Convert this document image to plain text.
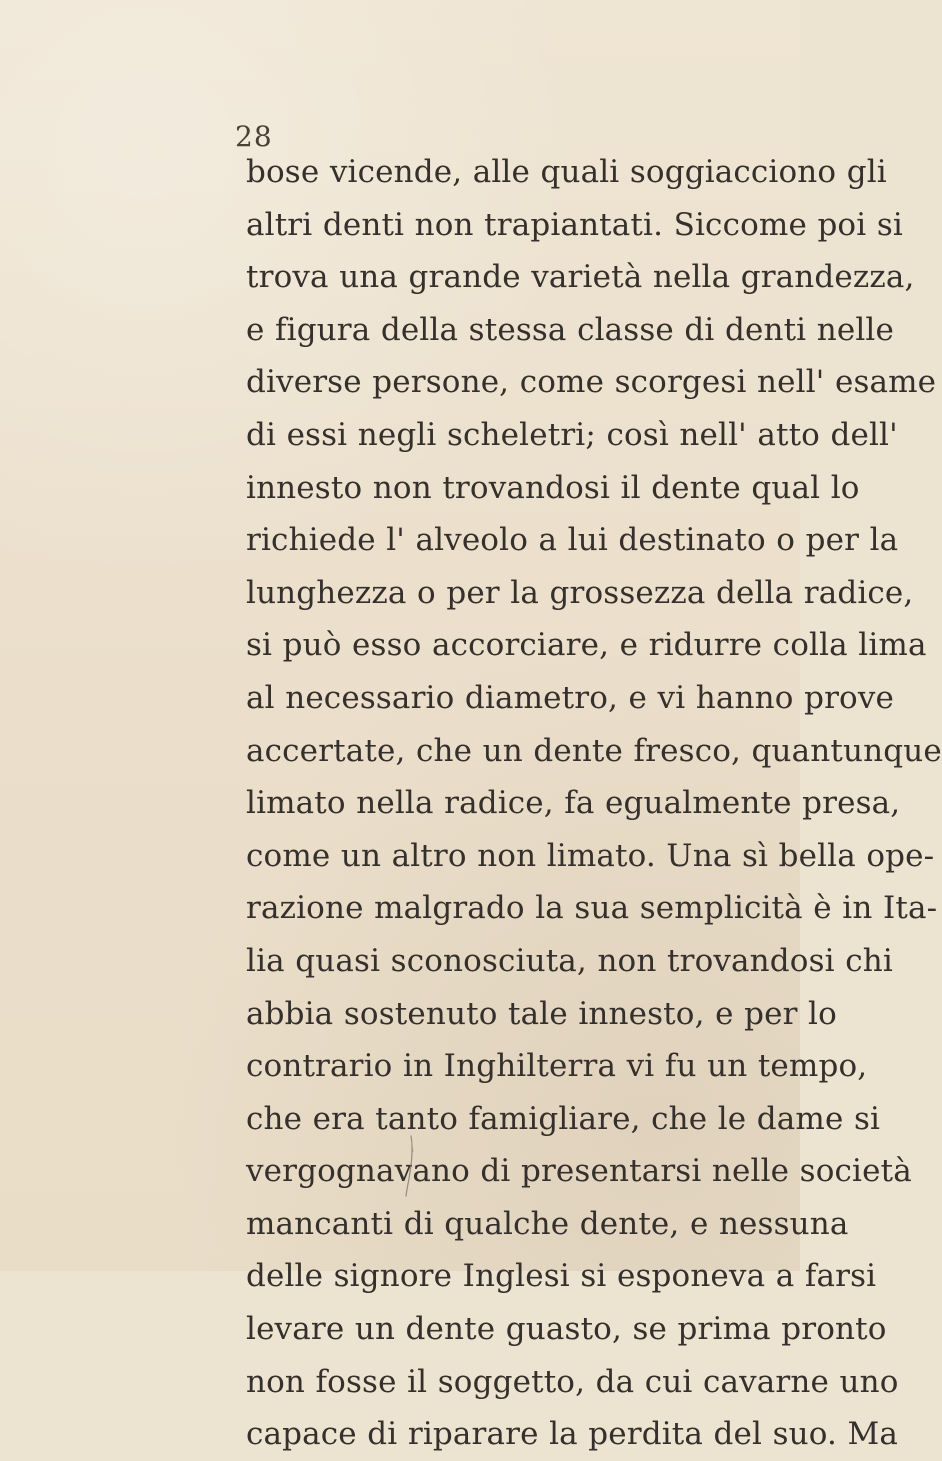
28
bose vicende, alle quali soggiacciono gli
altri denti non trapiantati. Siccome poi si
trova una grande varietà nella grandezza,
e figura della stessa classe di denti nelle
diverse persone, come scorgesi nell' esame
di essi negli scheletri; così nell' atto dell'
innesto non trovandosi il dente qual lo
richiede l' alveolo a lui destinato o per la
lunghezza o per la grossezza della radice,
si può esso accorciare, e ridurre colla lima
al necessario diametro, e vi hanno prove
accertate, che un dente fresco, quantunque
limato nella radice, fa egualmente presa,
come un altro non limato. Una sì bella ope-
razione malgrado la sua semplicità è in Ita-
lia quasi sconosciuta, non trovandosi chi
abbia sostenuto tale innesto, e per lo
contrario in Inghilterra vi fu un tempo,
che era tanto famigliare, che le dame si
vergognavano di presentarsi nelle società
mancanti di qualche dente, e nessuna
delle signore Inglesi si esponeva a farsi
levare un dente guasto, se prima pronto
non fosse il soggetto, da cui cavarne uno
capace di riparare la perdita del suo. Ma
